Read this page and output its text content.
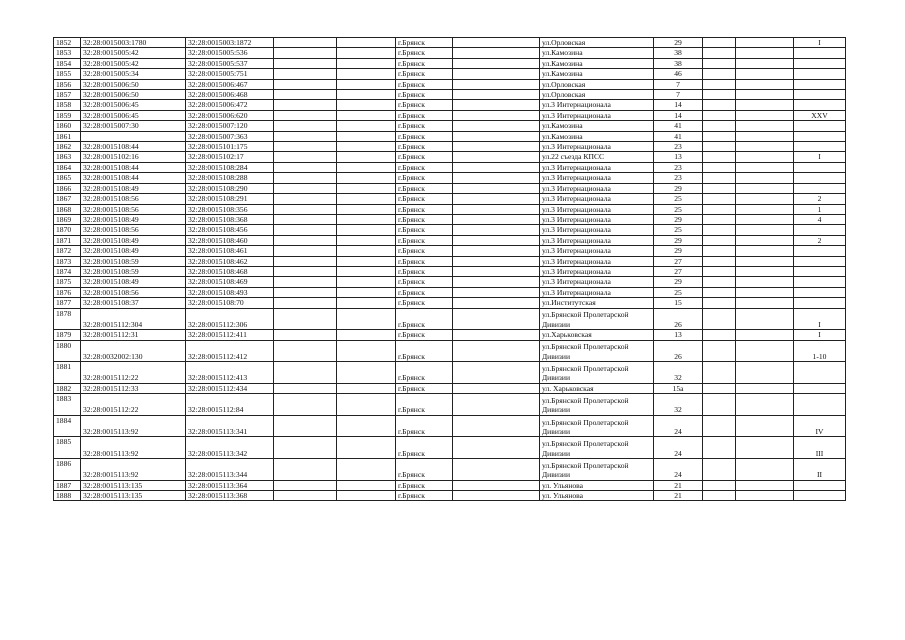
1852	32:28:0015003:1780	32:28:0015003:1872			г.Брянск		ул.Орловская	29			I
1853	32:28:0015005:42	32:28:0015005:536			г.Брянск		ул.Камозина	38			
1854	32:28:0015005:42	32:28:0015005:537			г.Брянск		ул.Камозина	38			
1855	32:28:0015005:34	32:28:0015005:751			г.Брянск		ул.Камозина	46			
1856	32:28:0015006:50	32:28:0015006:467			г.Брянск		ул.Орловская	7			
1857	32:28:0015006:50	32:28:0015006:468			г.Брянск		ул.Орловская	7			
1858	32:28:0015006:45	32:28:0015006:472			г.Брянск		ул.3 Интернационала	14			
1859	32:28:0015006:45	32:28:0015006:620			г.Брянск		ул.3 Интернационала	14			XXV
1860	32:28:0015007:30	32:28:0015007:120			г.Брянск		ул.Камозина	41			
1861		32:28:0015007:363			г.Брянск		ул.Камозина	41			
1862	32:28:0015108:44	32:28:0015101:175			г.Брянск		ул.3 Интернационала	23			
1863	32:28:0015102:16	32:28:0015102:17			г.Брянск		ул.22 съезда КПСС	13			I
1864	32:28:0015108:44	32:28:0015108:284			г.Брянск		ул.3 Интернационала	23			
1865	32:28:0015108:44	32:28:0015108:288			г.Брянск		ул.3 Интернационала	23			
1866	32:28:0015108:49	32:28:0015108:290			г.Брянск		ул.3 Интернационала	29			
1867	32:28:0015108:56	32:28:0015108:291			г.Брянск		ул.3 Интернационала	25			2
1868	32:28:0015108:56	32:28:0015108:356			г.Брянск		ул.3 Интернационала	25			1
1869	32:28:0015108:49	32:28:0015108:368			г.Брянск		ул.3 Интернационала	29			4
1870	32:28:0015108:56	32:28:0015108:456			г.Брянск		ул.3 Интернационала	25			
1871	32:28:0015108:49	32:28:0015108:460			г.Брянск		ул.3 Интернационала	29			2
1872	32:28:0015108:49	32:28:0015108:461			г.Брянск		ул.3 Интернационала	29			
1873	32:28:0015108:59	32:28:0015108:462			г.Брянск		ул.3 Интернационала	27			
1874	32:28:0015108:59	32:28:0015108:468			г.Брянск		ул.3 Интернационала	27			
1875	32:28:0015108:49	32:28:0015108:469			г.Брянск		ул.3 Интернационала	29			
1876	32:28:0015108:56	32:28:0015108:493			г.Брянск		ул.3 Интернационала	25			
1877	32:28:0015108:37	32:28:0015108:70			г.Брянск		ул.Институтская	15			
1878	32:28:0015112:304	32:28:0015112:306			г.Брянск		ул.Брянской Пролетарской
Дивизии	26			I
1879	32:28:0015112:31	32:28:0015112:411			г.Брянск		ул.Харьковская	13			I
1880	32:28:0032002:130	32:28:0015112:412			г.Брянск		ул.Брянской Пролетарской
Дивизии	26			1-10
1881	32:28:0015112:22	32:28:0015112:413			г.Брянск		ул.Брянской Пролетарской
Дивизии	32			
1882	32:28:0015112:33	32:28:0015112:434			г.Брянск		ул. Харьковская	15а			
1883	32:28:0015112:22	32:28:0015112:84			г.Брянск		ул.Брянской Пролетарской
Дивизии	32			
1884	32:28:0015113:92	32:28:0015113:341			г.Брянск		ул.Брянской Пролетарской
Дивизии	24			IV
1885	32:28:0015113:92	32:28:0015113:342			г.Брянск		ул.Брянской Пролетарской
Дивизии	24			III
1886	32:28:0015113:92	32:28:0015113:344			г.Брянск		ул.Брянской Пролетарской
Дивизии	24			II
1887	32:28:0015113:135	32:28:0015113:364			г.Брянск		ул. Ульянова	21			
1888	32:28:0015113:135	32:28:0015113:368			г.Брянск		ул. Ульянова	21			
